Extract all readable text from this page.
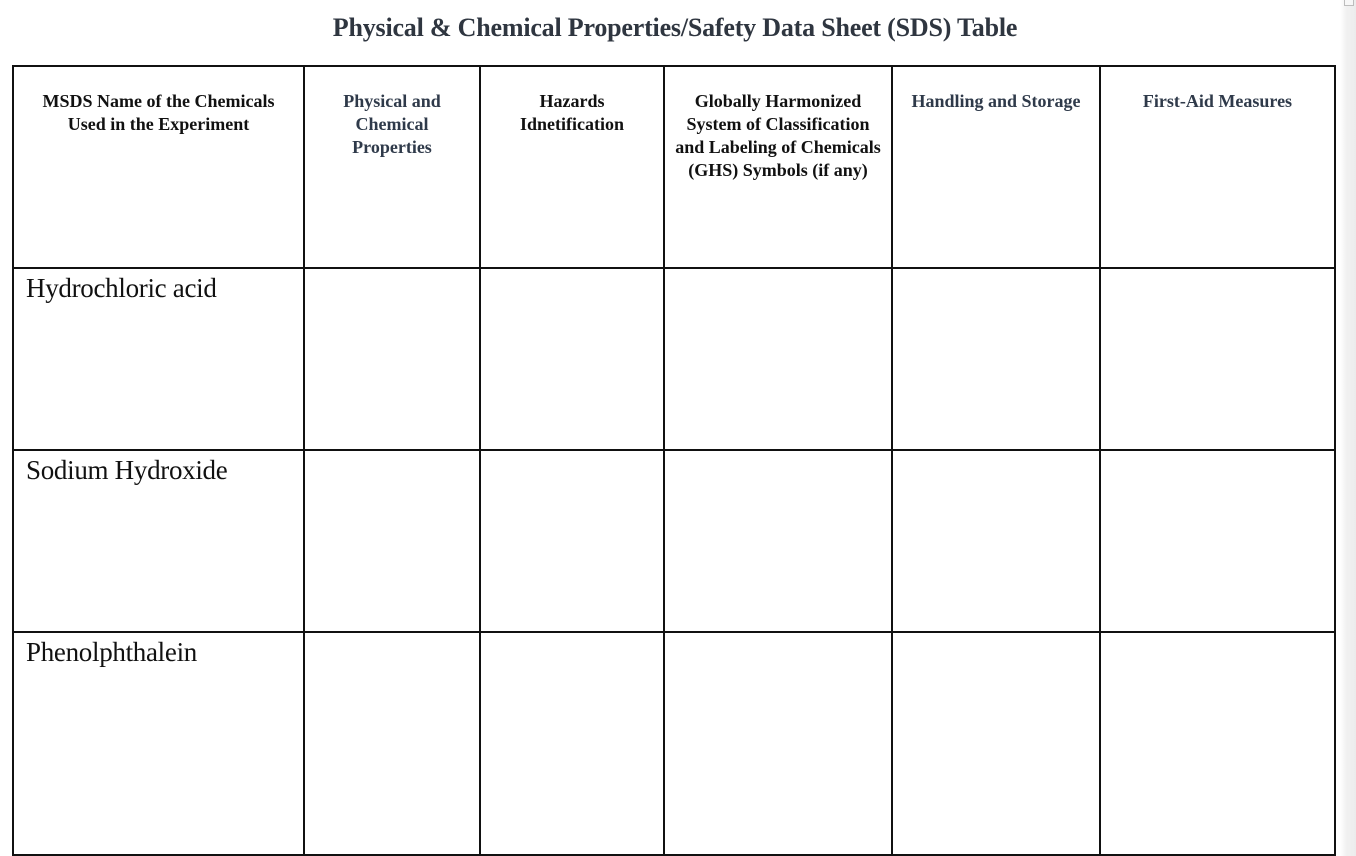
Physical & Chemical Properties/Safety Data Sheet (SDS) Table
MSDS Name of the Chemicals Used in the Experiment	Physical and Chemical Properties	Hazards Idnetification	Globally Harmonized System of Classification and Labeling of Chemicals (GHS) Symbols (if any)	Handling and Storage	First-Aid Measures

Hydrochloric acid					

Sodium Hydroxide					

Phenolphthalein					
